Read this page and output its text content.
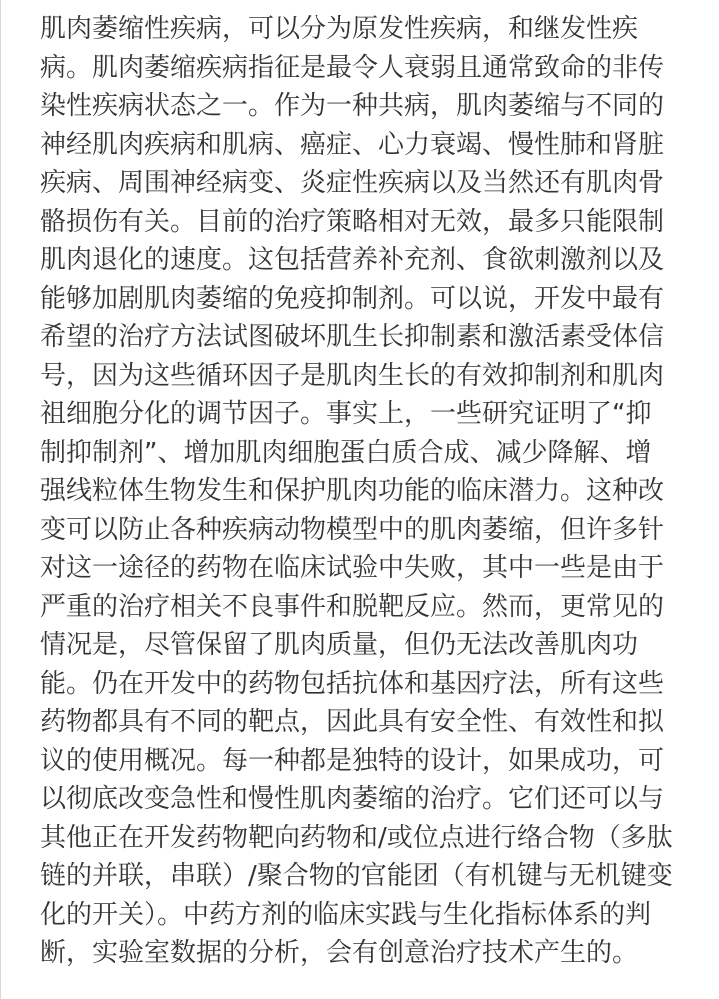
肌肉萎缩性疾病，可以分为原发性疾病，和继发性疾
病。肌肉萎缩疾病指征是最令人衰弱且通常致命的非传
染性疾病状态之一。作为一种共病，肌肉萎缩与不同的
神经肌肉疾病和肌病、癌症、心力衰竭、慢性肺和肾脏
疾病、周围神经病变、炎症性疾病以及当然还有肌肉骨
骼损伤有关。目前的治疗策略相对无效，最多只能限制
肌肉退化的速度。这包括营养补充剂、食欲刺激剂以及
能够加剧肌肉萎缩的免疫抑制剂。可以说，开发中最有
希望的治疗方法试图破坏肌生长抑制素和激活素受体信
号，因为这些循环因子是肌肉生长的有效抑制剂和肌肉
祖细胞分化的调节因子。事实上，一些研究证明了“抑
制抑制剂”、增加肌肉细胞蛋白质合成、减少降解、增
强线粒体生物发生和保护肌肉功能的临床潜力。这种改
变可以防止各种疾病动物模型中的肌肉萎缩，但许多针
对这一途径的药物在临床试验中失败，其中一些是由于
严重的治疗相关不良事件和脱靶反应。然而，更常见的
情况是，尽管保留了肌肉质量，但仍无法改善肌肉功
能。仍在开发中的药物包括抗体和基因疗法，所有这些
药物都具有不同的靶点，因此具有安全性、有效性和拟
议的使用概况。每一种都是独特的设计，如果成功，可
以彻底改变急性和慢性肌肉萎缩的治疗。它们还可以与
其他正在开发药物靶向药物和/或位点进行络合物（多肽
链的并联，串联）/聚合物的官能团（有机键与无机键变
化的开关）。中药方剂的临床实践与生化指标体系的判
断，实验室数据的分析，会有创意治疗技术产生的。
